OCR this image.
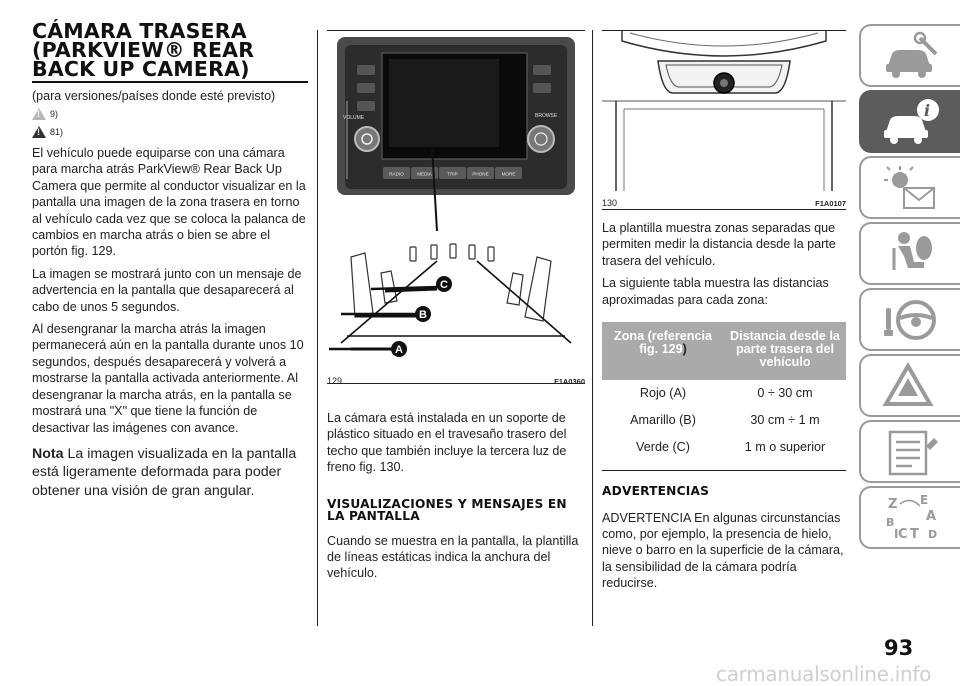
CÁMARA TRASERA (PARKVIEW® REAR BACK UP CAMERA)
(para versiones/países donde esté previsto)
!
9)
!
81)

El vehículo puede equiparse con una cámara para marcha atrás ParkView® Rear Back Up Camera que permite al conductor visualizar en la pantalla una imagen de la zona trasera en torno al vehículo cada vez que se coloca la palanca de cambios en marcha atrás o bien se abre el portón fig. 129.

La imagen se mostrará junto con un mensaje de advertencia en la pantalla que desaparecerá al cabo de unos 5 segundos.

Al desengranar la marcha atrás la imagen permanecerá aún en la pantalla durante unos 10 segundos, después desaparecerá y volverá a mostrarse la pantalla activada anteriormente. Al desengranar la marcha atrás, en la pantalla se mostrará una "X" que tiene la función de desactivar las imágenes con avance.

Nota La imagen visualizada en la pantalla está ligeramente deformada para poder obtener una visión de gran angular.

VOLUME	BROWSE
RADIO	MEDIA	TRIP	PHONE	MORE
A
B
C
129	F1A0360

La cámara está instalada en un soporte de plástico situado en el travesaño trasero del techo que también incluye la tercera luz de freno fig. 130.

VISUALIZACIONES Y MENSAJES EN LA PANTALLA

Cuando se muestra en la pantalla, la plantilla de líneas estáticas indica la anchura del vehículo.

130	F1A0107

La plantilla muestra zonas separadas que permiten medir la distancia desde la parte trasera del vehículo.

La siguiente tabla muestra las distancias aproximadas para cada zona:

Zona (referencia fig. 129)	Distancia desde la parte trasera del vehículo
Rojo (A)	0 ÷ 30 cm
Amarillo (B)	30 cm ÷ 1 m
Verde (C)	1 m o superior
ADVERTENCIAS

ADVERTENCIA En algunas circunstancias como, por ejemplo, la presencia de hielo, nieve o barro en la superficie de la cámara, la sensibilidad de la cámara podría reducirse.

i
Z E
A
B
C T D
I
93
carmanualsonline.info
